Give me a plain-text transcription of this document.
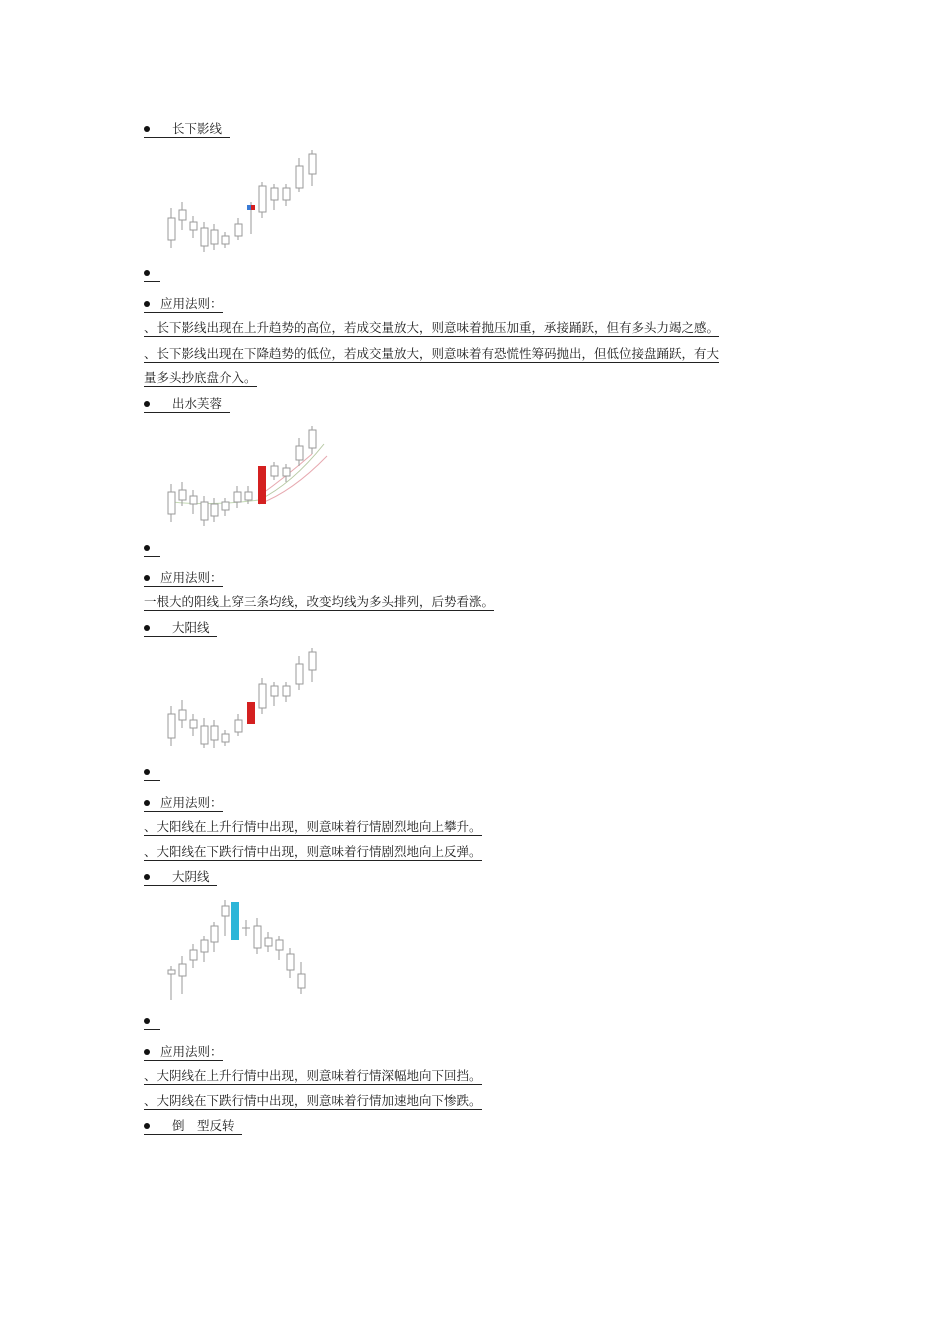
长下影线
应用法则：
、长下影线出现在上升趋势的高位，若成交量放大，则意味着抛压加重，承接踊跃，但有多头力竭之感。
、长下影线出现在下降趋势的低位，若成交量放大，则意味着有恐慌性筹码抛出，但低位接盘踊跃，有大
量多头抄底盘介入。
出水芙蓉
应用法则：
一根大的阳线上穿三条均线，改变均线为多头排列，后势看涨。
大阳线
应用法则：
、大阳线在上升行情中出现，则意味着行情剧烈地向上攀升。
、大阳线在下跌行情中出现，则意味着行情剧烈地向上反弹。
大阴线
应用法则：
、大阴线在上升行情中出现，则意味着行情深幅地向下回挡。
、大阴线在下跌行情中出现，则意味着行情加速地向下惨跌。
倒　型反转
